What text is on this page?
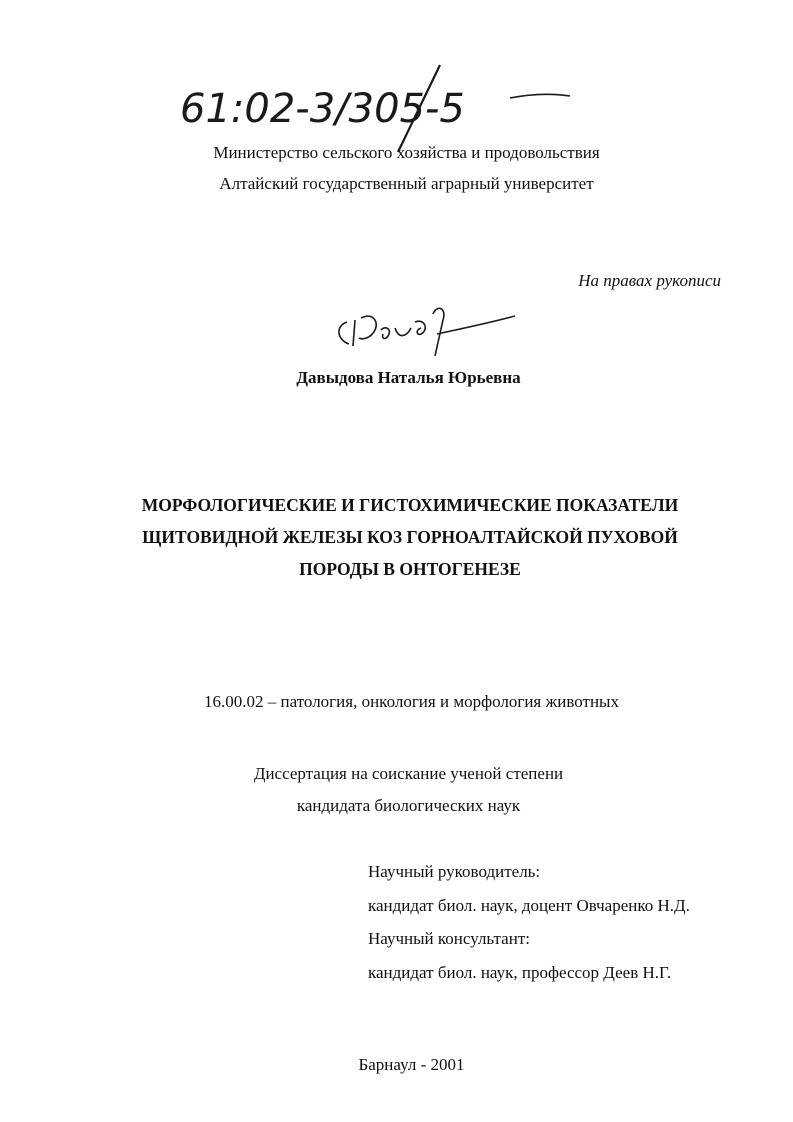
61:02-3/305-5
Министерство сельского хозяйства и продовольствия
Алтайский государственный аграрный университет
На правах рукописи
Давыдова Наталья Юрьевна
МОРФОЛОГИЧЕСКИЕ И ГИСТОХИМИЧЕСКИЕ ПОКАЗАТЕЛИ
ЩИТОВИДНОЙ ЖЕЛЕЗЫ КОЗ ГОРНОАЛТАЙСКОЙ ПУХОВОЙ
ПОРОДЫ В ОНТОГЕНЕЗЕ
16.00.02 – патология, онкология и морфология животных
Диссертация на соискание ученой степени
кандидата биологических наук
Научный руководитель:
кандидат биол. наук, доцент Овчаренко Н.Д.
Научный консультант:
кандидат биол. наук, профессор Деев Н.Г.
Барнаул - 2001
